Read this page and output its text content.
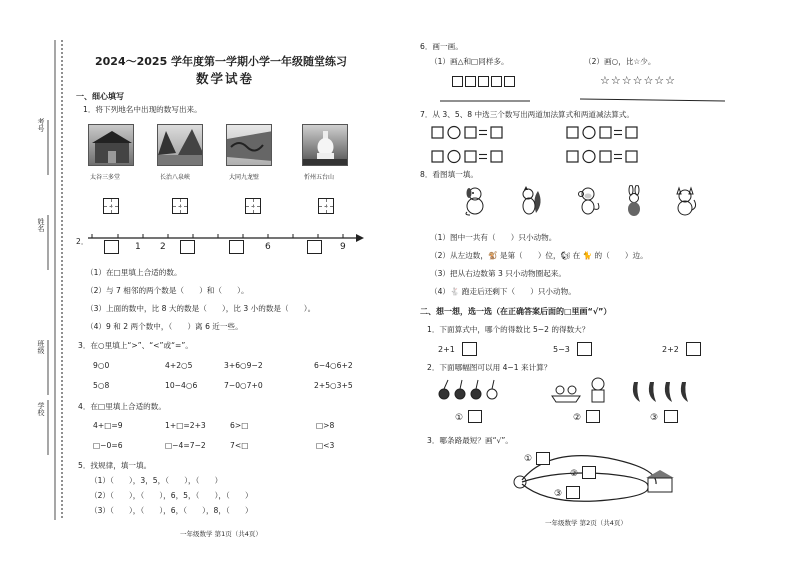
考号
姓名
班级
学校
2024～2025 学年度第一学期小学一年级随堂练习
数学试卷
一、细心填写
1．将下列地名中出现的数写出来。
太谷三多堂	长治八泉峡	大同九龙壁	忻州五台山
2．
1 2	6	9
（1）在□里填上合适的数。
（2）与 7 相邻的两个数是（　　）和（　　）。
（3）上面的数中，比 8 大的数是（　　），比 3 小的数是（　　）。
（4）9 和 2 两个数中，（　　）离 6 近一些。
3．在○里填上“>”、“<”或“=”。
9○0	4+2○5	3+6○9−2	6−4○6+2
5○8	10−4○6	7−0○7+0	2+5○3+5
4．在□里填上合适的数。
4+□=9	1+□=2+3	6>□	□>8
□−0=6	□−4=7−2	7<□	□<3
5．找规律，填一填。
（1）（　　），3，5，（　　），（　　）
（2）（　　），（　　），6，5，（　　），（　　）
（3）（　　），（　　），6，（　　），8，（　　）
一年级数学 第1页（共4页）
6．画一画。
（1）画△和□同样多。	（2）画○，比☆少。
☆☆☆☆☆☆☆
7．从 3、5、8 中选三个数写出两道加法算式和两道减法算式。
8．看图填一填。
（1）图中一共有（　　）只小动物。
（2）从左边数，🐒 是第（　　）位，🐿 在 🐈 的（　　）边。
（3）把从右边数第 3 只小动物圈起来。
（4）🐇 跑走后还剩下（　　）只小动物。
二、想一想，选一选（在正确答案后面的□里画“√”）
1．下面算式中，哪个的得数比 5−2 的得数大？
2+1	5−3	2+2
2．下面哪幅图可以用 4−1 来计算？
①	②	③
3．哪条路最短？画“√”。
①
②
③
一年级数学 第2页（共4页）
